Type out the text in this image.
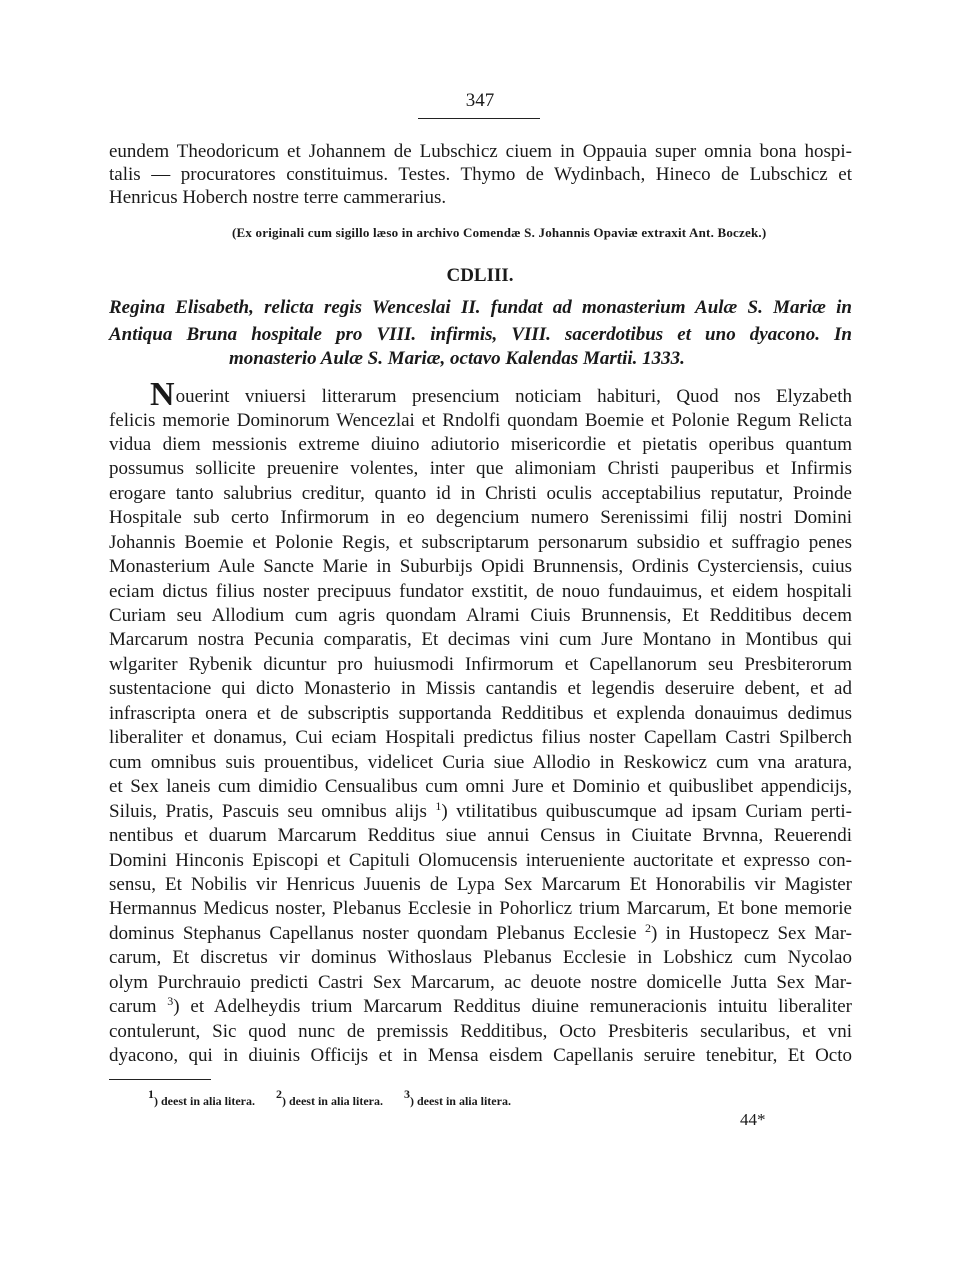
347
eundem Theodoricum et Johannem de Lubschicz ciuem in Oppauia super omnia bona hospi-
talis — procuratores constituimus. Testes. Thymo de Wydinbach, Hineco de Lubschicz et
Henricus Hoberch nostre terre cammerarius.
(Ex originali cum sigillo læso in archivo Comendæ S. Johannis Opaviæ extraxit Ant. Boczek.)
CDLIII.
Regina Elisabeth, relicta regis Wenceslai II. fundat ad monasterium Aulæ S. Mariæ in
Antiqua Bruna hospitale pro VIII. infirmis, VIII. sacerdotibus et uno dyacono. In
monasterio Aulæ S. Mariæ, octavo Kalendas Martii. 1333.
Nouerint vniuersi litterarum presencium noticiam habituri, Quod nos Elyzabeth
felicis memorie Dominorum Wencezlai et Rndolfi quondam Boemie et Polonie Regum Relicta
vidua diem messionis extreme diuino adiutorio misericordie et pietatis operibus quantum
possumus sollicite preuenire volentes, inter que alimoniam Christi pauperibus et Infirmis
erogare tanto salubrius creditur, quanto id in Christi oculis acceptabilius reputatur, Proinde
Hospitale sub certo Infirmorum in eo degencium numero Serenissimi filij nostri Domini
Johannis Boemie et Polonie Regis, et subscriptarum personarum subsidio et suffragio penes
Monasterium Aule Sancte Marie in Suburbijs Opidi Brunnensis, Ordinis Cysterciensis, cuius
eciam dictus filius noster precipuus fundator exstitit, de nouo fundauimus, et eidem hospitali
Curiam seu Allodium cum agris quondam Alrami Ciuis Brunnensis, Et Redditibus decem
Marcarum nostra Pecunia comparatis, Et decimas vini cum Jure Montano in Montibus qui
wlgariter Rybenik dicuntur pro huiusmodi Infirmorum et Capellanorum seu Presbiterorum
sustentacione qui dicto Monasterio in Missis cantandis et legendis deseruire debent, et ad
infrascripta onera et de subscriptis supportanda Redditibus et explenda donauimus dedimus
liberaliter et donamus, Cui eciam Hospitali predictus filius noster Capellam Castri Spilberch
cum omnibus suis prouentibus, videlicet Curia siue Allodio in Reskowicz cum vna aratura,
et Sex laneis cum dimidio Censualibus cum omni Jure et Dominio et quibuslibet appendicijs,
Siluis, Pratis, Pascuis seu omnibus alijs $^1$) vtilitatibus quibuscumque ad ipsam Curiam perti-
nentibus et duarum Marcarum Redditus siue annui Census in Ciuitate Brvnna, Reuerendi
Domini Hinconis Episcopi et Capituli Olomucensis interueniente auctoritate et expresso con-
sensu, Et Nobilis vir Henricus Juuenis de Lypa Sex Marcarum Et Honorabilis vir Magister
Hermannus Medicus noster, Plebanus Ecclesie in Pohorlicz trium Marcarum, Et bone memorie
dominus Stephanus Capellanus noster quondam Plebanus Ecclesie $^2$) in Hustopecz Sex Mar-
carum, Et discretus vir dominus Withoslaus Plebanus Ecclesie in Lobshicz cum Nycolao
olym Purchrauio predicti Castri Sex Marcarum, ac deuote nostre domicelle Jutta Sex Mar-
carum $^3$) et Adelheydis trium Marcarum Redditus diuine remuneracionis intuitu liberaliter
contulerunt, Sic quod nunc de premissis Redditibus, Octo Presbiteris secularibus, et vni
dyacono, qui in diuinis Officijs et in Mensa eisdem Capellanis seruire tenebitur, Et Octo
$^1$) deest in alia litera. $^2$) deest in alia litera. $^3$) deest in alia litera.
44*
